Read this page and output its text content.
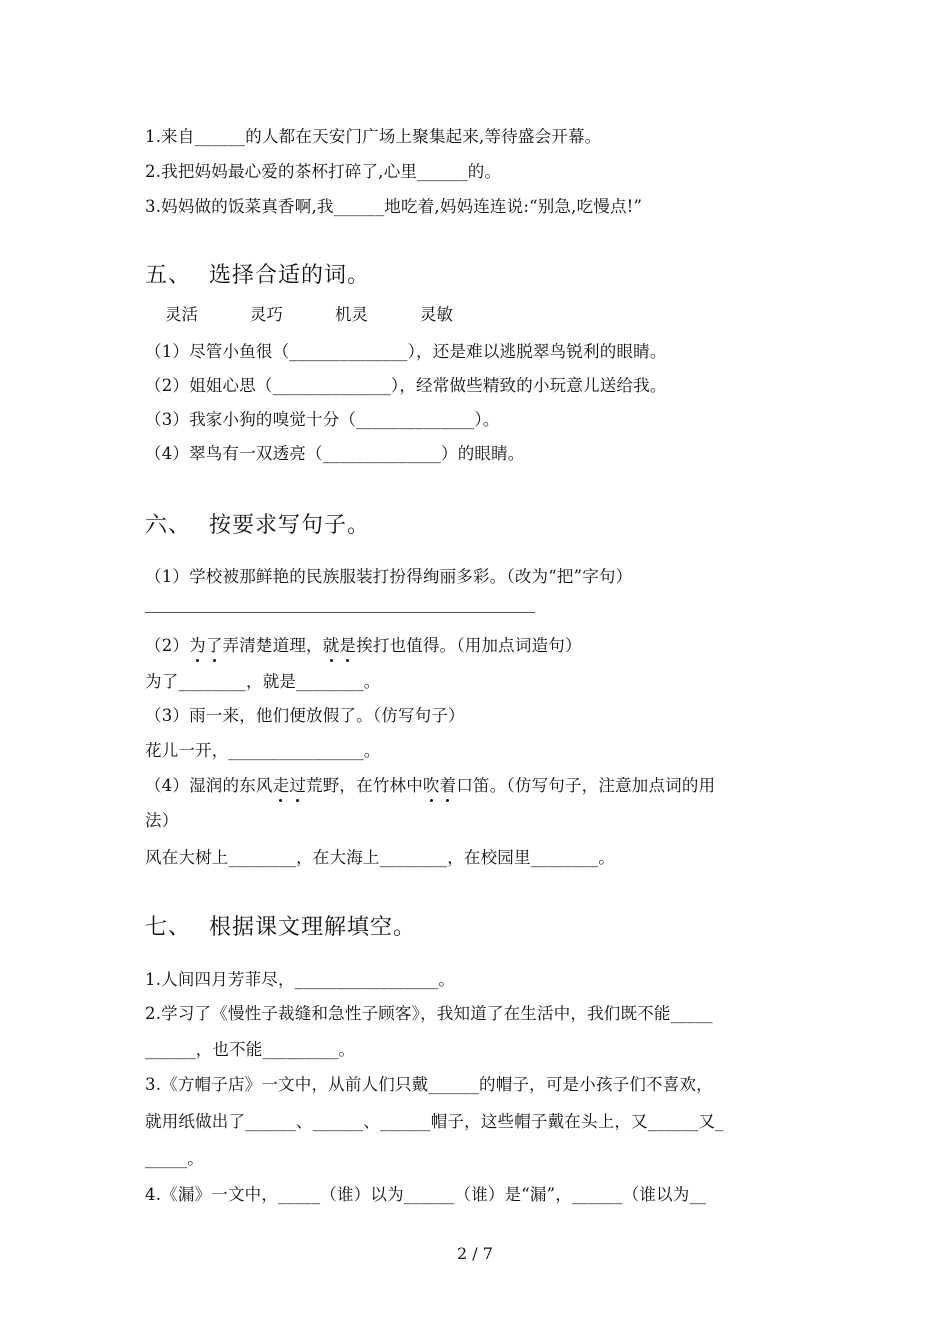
1.来自______的人都在天安门广场上聚集起来,等待盛会开幕。
2.我把妈妈最心爱的茶杯打碎了,心里______的。
3.妈妈做的饭菜真香啊,我______地吃着,妈妈连连说:“别急,吃慢点!”
五、 选择合适的词。
灵活	灵巧	机灵	灵敏
（1）尽管小鱼很（______________），还是难以逃脱翠鸟锐利的眼睛。
（2）姐姐心思（______________），经常做些精致的小玩意儿送给我。
（3）我家小狗的嗅觉十分（______________）。
（4）翠鸟有一双透亮（______________）的眼睛。
六、 按要求写句子。
（1）学校被那鲜艳的民族服装打扮得绚丽多彩。（改为“把”字句）
（2）为了弄清楚道理，就是挨打也值得。（用加点词造句）
为了________，就是________。
（3）雨一来，他们便放假了。（仿写句子）
花儿一开，________________。
（4）湿润的东风走过荒野，在竹林中吹着口笛。（仿写句子，注意加点词的用
法）
风在大树上________，在大海上________，在校园里________。
七、 根据课文理解填空。
1.人间四月芳菲尽，_________________。
2.学习了《慢性子裁缝和急性子顾客》，我知道了在生活中，我们既不能_____
______，也不能_________。
3.《方帽子店》一文中，从前人们只戴______的帽子，可是小孩子们不喜欢，
就用纸做出了______、______、______帽子，这些帽子戴在头上，又______又_
_____。
4.《漏》一文中，_____（谁）以为______（谁）是“漏”，______（谁以为__
2 / 7
